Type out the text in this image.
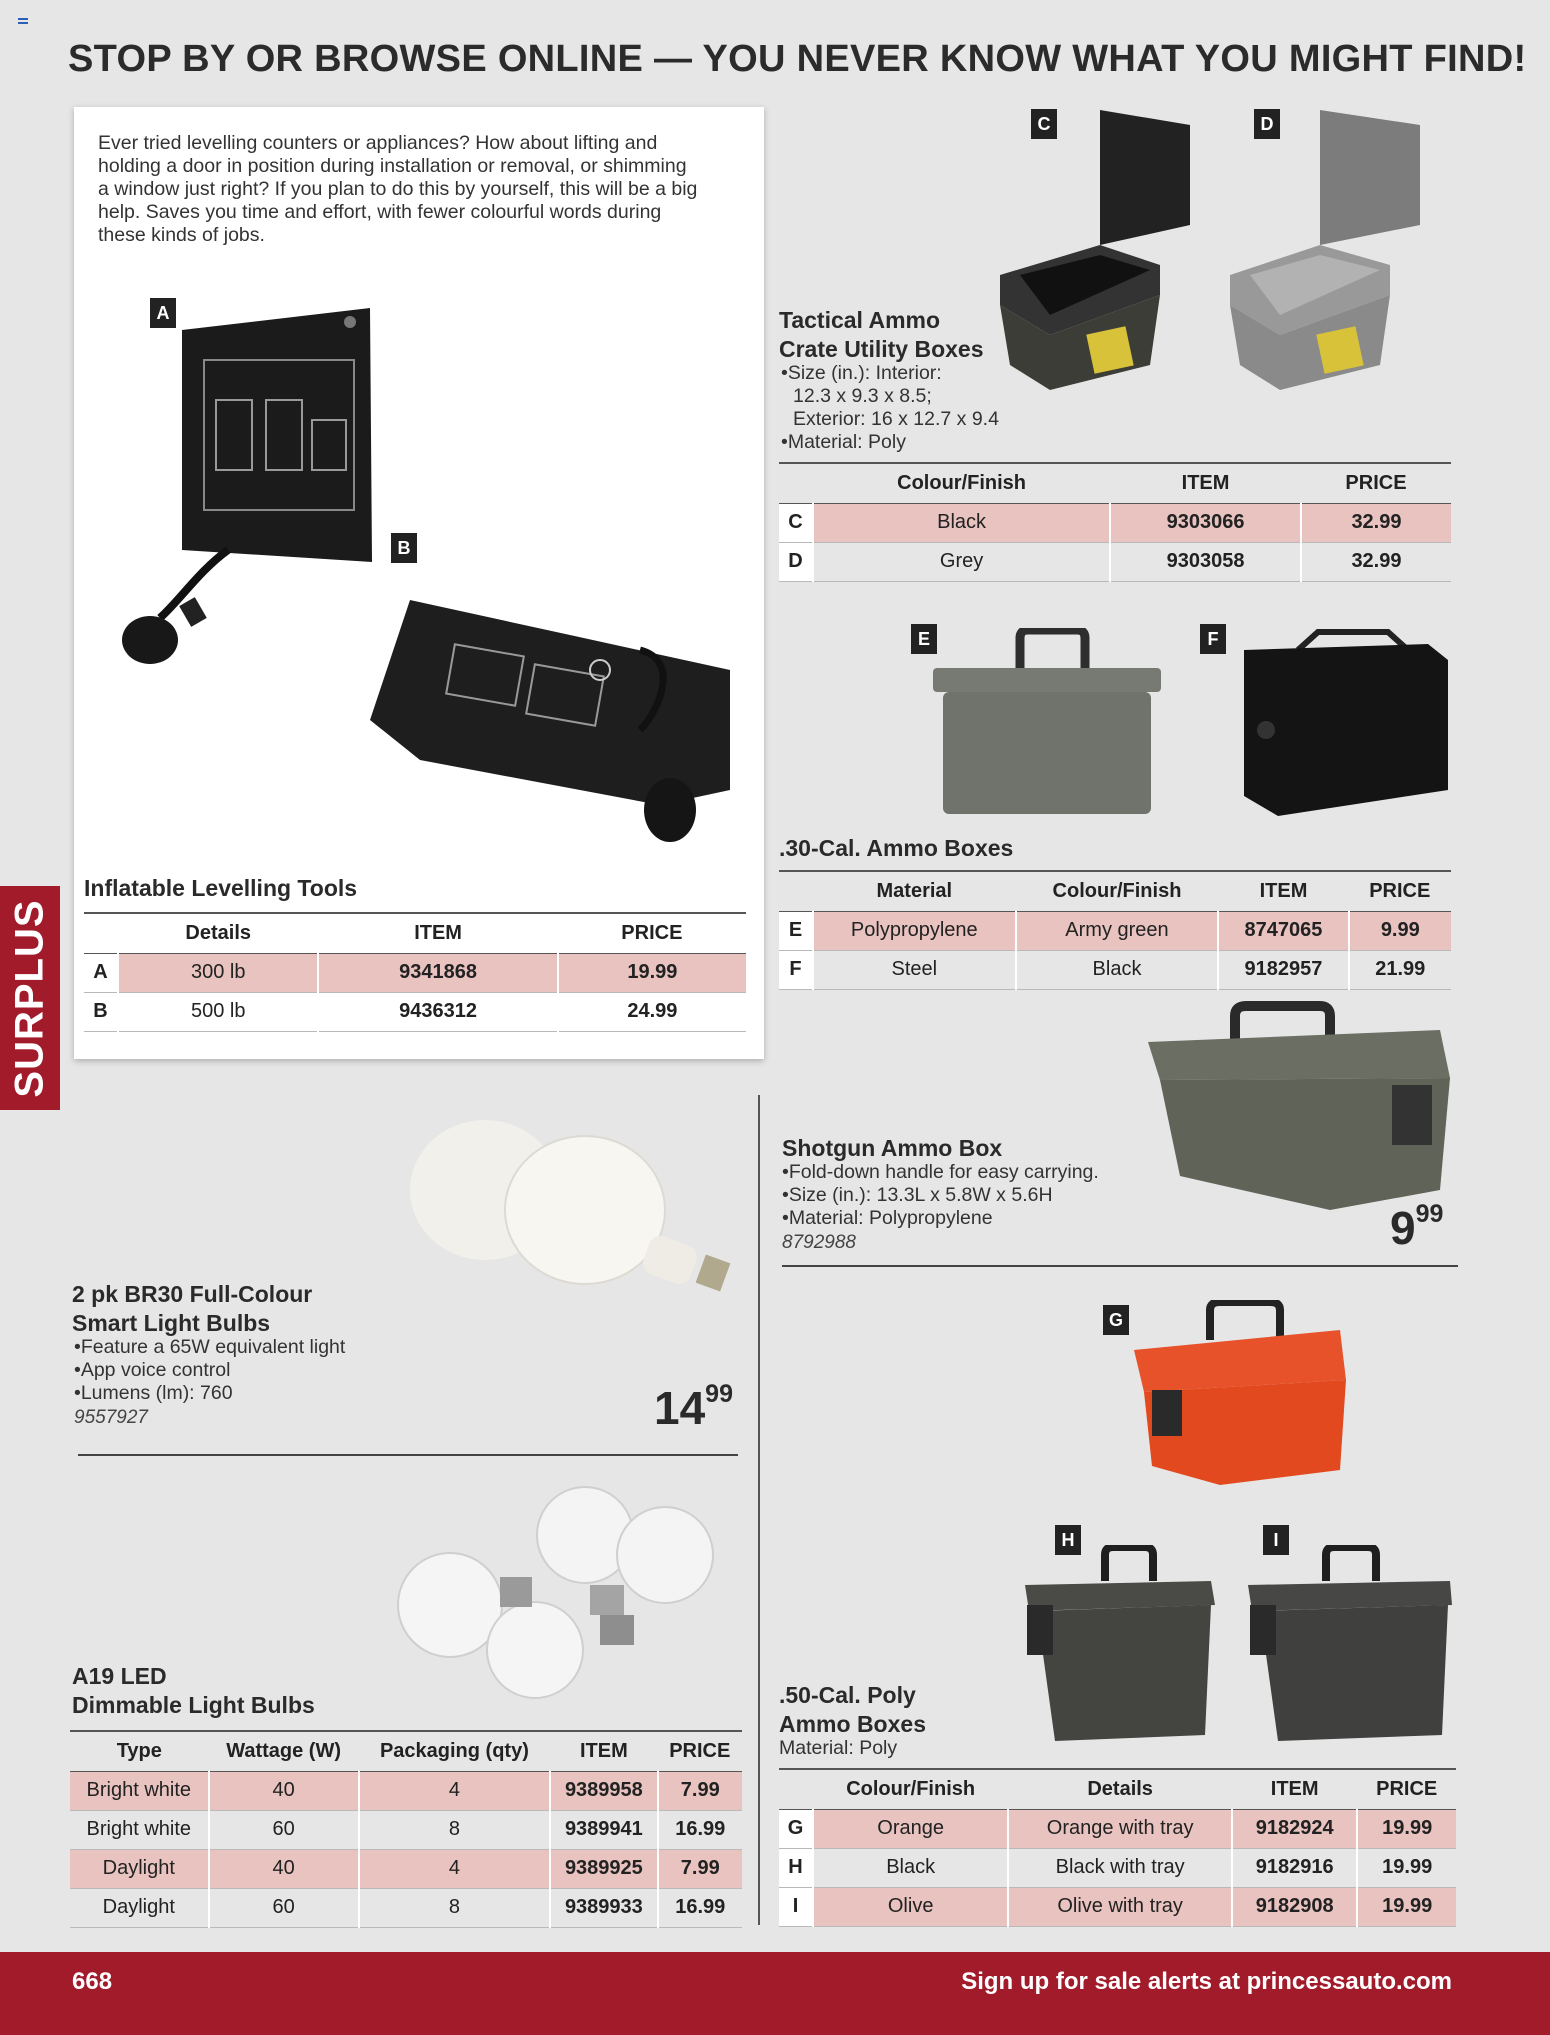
STOP BY OR BROWSE ONLINE — YOU NEVER KNOW WHAT YOU MIGHT FIND!
Ever tried levelling counters or appliances? How about lifting and holding a door in position during installation or removal, or shimming a window just right? If you plan to do this by yourself, this will be a big help. Saves you time and effort, with fewer colourful words during these kinds of jobs.
A
B
Inflatable Levelling Tools
	Details	ITEM	PRICE
A	300 lb	9341868	19.99
B	500 lb	9436312	24.99
SURPLUS
C	D
Tactical Ammo
Crate Utility Boxes
•Size (in.): Interior:
12.3 x 9.3 x 8.5;
Exterior: 16 x 12.7 x 9.4
•Material: Poly
	Colour/Finish	ITEM	PRICE
C	Black	9303066	32.99
D	Grey	9303058	32.99
E	F
.30-Cal. Ammo Boxes
	Material	Colour/Finish	ITEM	PRICE
E	Polypropylene	Army green	8747065	9.99
F	Steel	Black	9182957	21.99
Shotgun Ammo Box
•Fold-down handle for easy carrying.
•Size (in.): 13.3L x 5.8W x 5.6H
•Material: Polypropylene
8792988	999
2 pk BR30 Full-Colour
Smart Light Bulbs
•Feature a 65W equivalent light
•App voice control
•Lumens (lm): 760
9557927	1499
A19 LED
Dimmable Light Bulbs
Type	Wattage (W)	Packaging (qty)	ITEM	PRICE
Bright white	40	4	9389958	7.99
Bright white	60	8	9389941	16.99
Daylight	40	4	9389925	7.99
Daylight	60	8	9389933	16.99
G
H	I
.50-Cal. Poly
Ammo Boxes
Material: Poly
	Colour/Finish	Details	ITEM	PRICE
G	Orange	Orange with tray	9182924	19.99
H	Black	Black with tray	9182916	19.99
I	Olive	Olive with tray	9182908	19.99
668	Sign up for sale alerts at princessauto.com
